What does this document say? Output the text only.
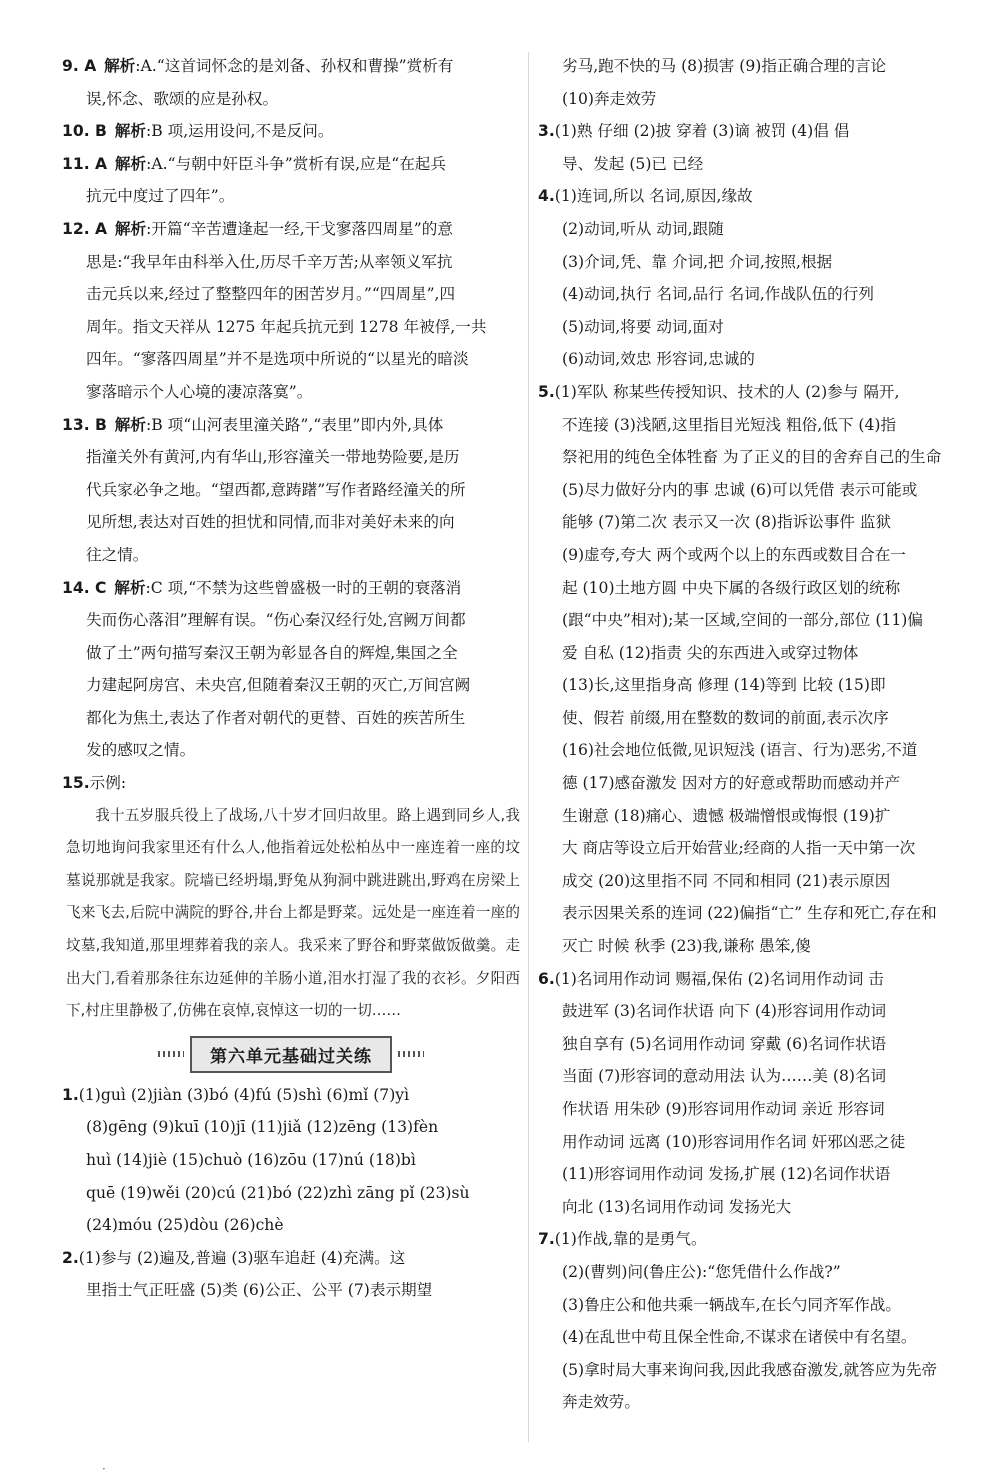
9. A  解析:A.“这首词怀念的是刘备、孙权和曹操”赏析有

误,怀念、歌颂的应是孙权。

10. B  解析:B 项,运用设问,不是反问。

11. A  解析:A.“与朝中奸臣斗争”赏析有误,应是“在起兵

抗元中度过了四年”。

12. A  解析:开篇“辛苦遭逢起一经,干戈寥落四周星”的意

思是:“我早年由科举入仕,历尽千辛万苦;从率领义军抗

击元兵以来,经过了整整四年的困苦岁月。”“四周星”,四

周年。指文天祥从 1275 年起兵抗元到 1278 年被俘,一共

四年。“寥落四周星”并不是选项中所说的“以星光的暗淡

寥落暗示个人心境的凄凉落寞”。

13. B  解析:B 项“山河表里潼关路”,“表里”即内外,具体

指潼关外有黄河,内有华山,形容潼关一带地势险要,是历

代兵家必争之地。“望西都,意踌躇”写作者路经潼关的所

见所想,表达对百姓的担忧和同情,而非对美好未来的向

往之情。

14. C  解析:C 项,“不禁为这些曾盛极一时的王朝的衰落消

失而伤心落泪”理解有误。“伤心秦汉经行处,宫阙万间都

做了土”两句描写秦汉王朝为彰显各自的辉煌,集国之全

力建起阿房宫、未央宫,但随着秦汉王朝的灭亡,万间宫阙

都化为焦土,表达了作者对朝代的更替、百姓的疾苦所生

发的感叹之情。

15.示例:

我十五岁服兵役上了战场,八十岁才回归故里。路上遇到同乡人,我急切地询问我家里还有什么人,他指着远处松柏丛中一座连着一座的坟墓说那就是我家。院墙已经坍塌,野兔从狗洞中跳进跳出,野鸡在房梁上飞来飞去,后院中满院的野谷,井台上都是野菜。远处是一座连着一座的坟墓,我知道,那里埋葬着我的亲人。我采来了野谷和野菜做饭做羹。走出大门,看着那条往东边延伸的羊肠小道,泪水打湿了我的衣衫。夕阳西下,村庄里静极了,仿佛在哀悼,哀悼这一切的一切……

第六单元基础过关练

1.(1)guì (2)jiàn (3)bó (4)fú (5)shì (6)mǐ (7)yì

(8)gēng (9)kuī (10)jī (11)jiǎ (12)zēng (13)fèn

huì (14)jiè (15)chuò (16)zōu (17)nú (18)bì

quē (19)wěi (20)cú (21)bó (22)zhì zāng pǐ (23)sù

(24)móu (25)dòu (26)chè

2.(1)参与 (2)遍及,普遍 (3)驱车追赶 (4)充满。这

里指士气正旺盛 (5)类 (6)公正、公平 (7)表示期望

劣马,跑不快的马 (8)损害 (9)指正确合理的言论

(10)奔走效劳

3.(1)熟 仔细 (2)披 穿着 (3)谪 被罚 (4)倡 倡

导、发起 (5)已 已经

4.(1)连词,所以 名词,原因,缘故

(2)动词,听从 动词,跟随

(3)介词,凭、靠 介词,把 介词,按照,根据

(4)动词,执行 名词,品行 名词,作战队伍的行列

(5)动词,将要 动词,面对

(6)动词,效忠 形容词,忠诚的

5.(1)军队 称某些传授知识、技术的人 (2)参与 隔开,

不连接 (3)浅陋,这里指目光短浅 粗俗,低下 (4)指

祭祀用的纯色全体牲畜 为了正义的目的舍弃自己的生命

(5)尽力做好分内的事 忠诚 (6)可以凭借 表示可能或

能够 (7)第二次 表示又一次 (8)指诉讼事件 监狱

(9)虚夸,夸大 两个或两个以上的东西或数目合在一

起 (10)土地方圆 中央下属的各级行政区划的统称

(跟“中央”相对);某一区域,空间的一部分,部位 (11)偏

爱 自私 (12)指责 尖的东西进入或穿过物体

(13)长,这里指身高 修理 (14)等到 比较 (15)即

使、假若 前缀,用在整数的数词的前面,表示次序

(16)社会地位低微,见识短浅 (语言、行为)恶劣,不道

德 (17)感奋激发 因对方的好意或帮助而感动并产

生谢意 (18)痛心、遗憾 极端憎恨或悔恨 (19)扩

大 商店等设立后开始营业;经商的人指一天中第一次

成交 (20)这里指不同 不同和相同 (21)表示原因

表示因果关系的连词 (22)偏指“亡” 生存和死亡,存在和

灭亡 时候 秋季 (23)我,谦称 愚笨,傻

6.(1)名词用作动词 赐福,保佑 (2)名词用作动词 击

鼓进军 (3)名词作状语 向下 (4)形容词用作动词

独自享有 (5)名词用作动词 穿戴 (6)名词作状语

当面 (7)形容词的意动用法 认为……美 (8)名词

作状语 用朱砂 (9)形容词用作动词 亲近 形容词

用作动词 远离 (10)形容词用作名词 奸邪凶恶之徒

(11)形容词用作动词 发扬,扩展 (12)名词作状语

向北 (13)名词用作动词 发扬光大

7.(1)作战,靠的是勇气。

(2)(曹刿)问(鲁庄公):“您凭借什么作战?”

(3)鲁庄公和他共乘一辆战车,在长勺同齐军作战。

(4)在乱世中苟且保全性命,不谋求在诸侯中有名望。

(5)拿时局大事来询问我,因此我感奋激发,就答应为先帝

奔走效劳。

·
